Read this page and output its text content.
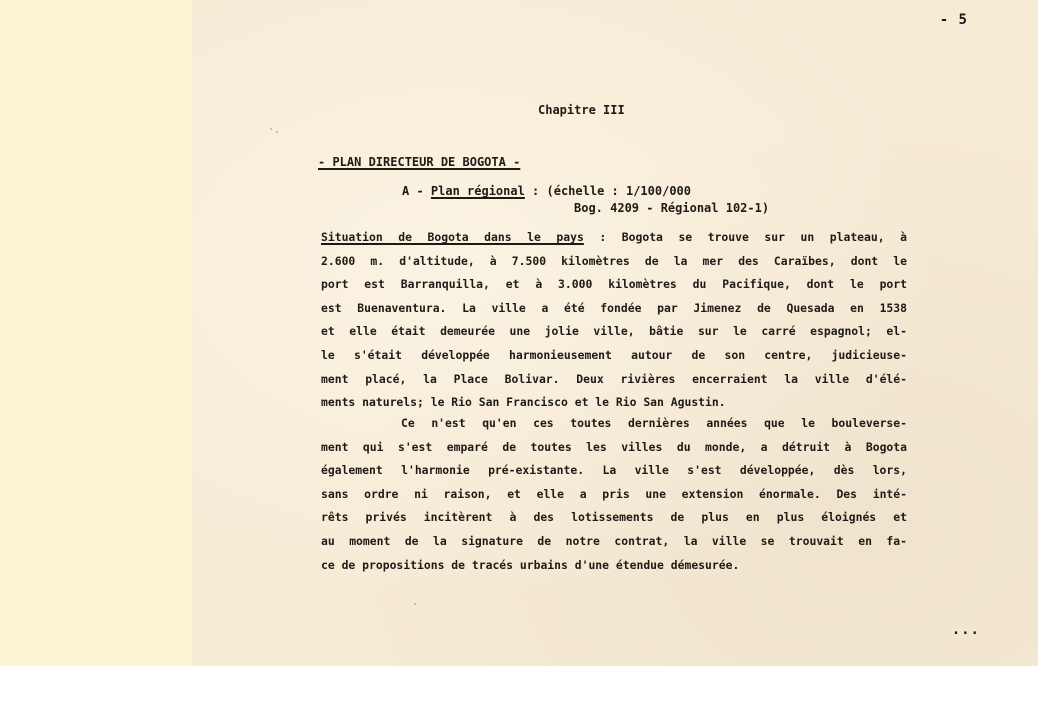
- 5
Chapitre III
- PLAN DIRECTEUR DE BOGOTA -
A - Plan régional : (échelle : 1/100/000
Bog. 4209 - Régional 102-1)
Situation de Bogota dans le pays : Bogota se trouve sur un plateau, à
2.600 m. d'altitude, à 7.500 kilomètres de la mer des Caraïbes, dont le
port est Barranquilla, et à 3.000 kilomètres du Pacifique, dont le port
est Buenaventura. La ville a été fondée par Jimenez de Quesada en 1538
et elle était demeurée une jolie ville, bâtie sur le carré espagnol; el-
le s'était développée harmonieusement autour de son centre, judicieuse-
ment placé, la Place Bolivar. Deux rivières encerraient la ville d'élé-
ments naturels; le Rio San Francisco et le Rio San Agustin.
Ce n'est qu'en ces toutes dernières années que le bouleverse-
ment qui s'est emparé de toutes les villes du monde, a détruit à Bogota
également l'harmonie pré-existante. La ville s'est développée, dès lors,
sans ordre ni raison, et elle a pris une extension énormale. Des inté-
rêts privés incitèrent à des lotissements de plus en plus éloignés et
au moment de la signature de notre contrat, la ville se trouvait en fa-
ce de propositions de tracés urbains d'une étendue démesurée.
...
